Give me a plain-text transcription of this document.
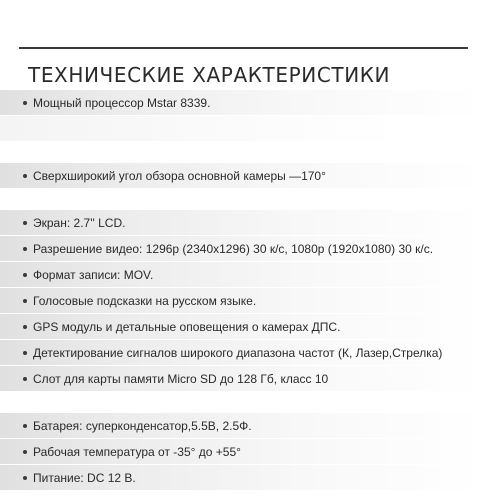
ТЕХНИЧЕСКИЕ ХАРАКТЕРИСТИКИ
Мощный процессор Mstar 8339.
Сверхширокий угол обзора основной камеры —170°
Экран: 2.7'' LCD.
Разрешение видео: 1296р (2340х1296) 30 к/с, 1080р (1920х1080) 30 к/с.
Формат записи: MOV.
Голосовые подсказки на русском языке.
GPS модуль и детальные оповещения о камерах ДПС.
Детектирование сигналов широкого диапазона частот (К, Лазер,Стрелка)
Слот для карты памяти Micro SD до 128 Гб, класс 10
Батарея: суперконденсатор,5.5В, 2.5Ф.
Рабочая температура от -35° до +55°
Питание: DC 12 В.
